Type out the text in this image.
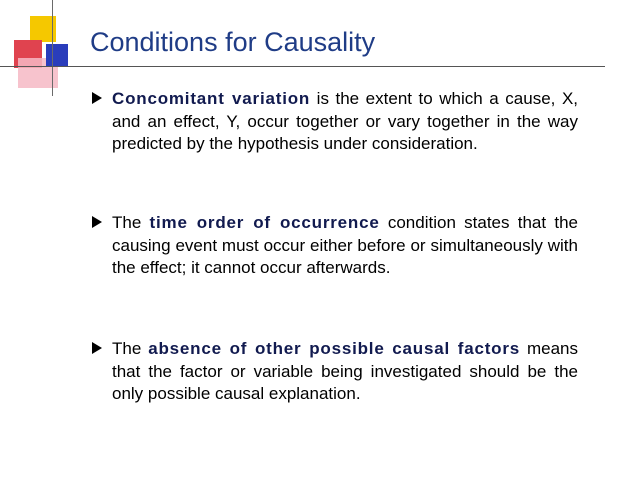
Conditions for Causality
Concomitant variation is the extent to which a cause, X, and an effect, Y, occur together or vary together in the way predicted by the hypothesis under consideration.
The time order of occurrence condition states that the causing event must occur either before or simultaneously with the effect; it cannot occur afterwards.
The absence of other possible causal factors means that the factor or variable being investigated should be the only possible causal explanation.
